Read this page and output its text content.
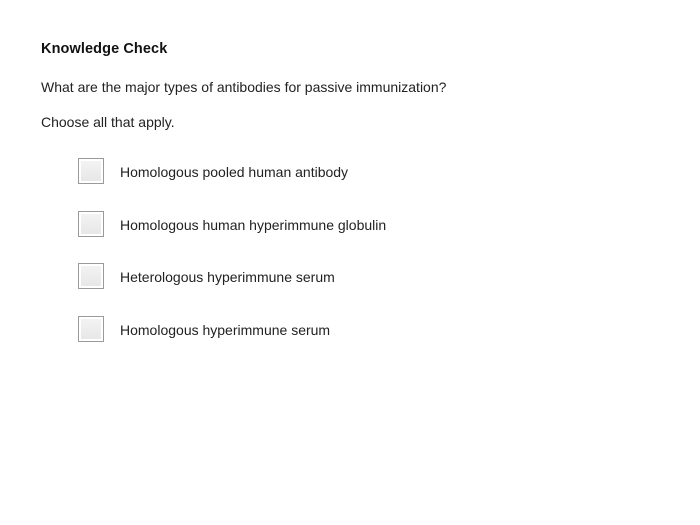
Knowledge Check
What are the major types of antibodies for passive immunization?
Choose all that apply.
Homologous pooled human antibody
Homologous human hyperimmune globulin
Heterologous hyperimmune serum
Homologous hyperimmune serum
